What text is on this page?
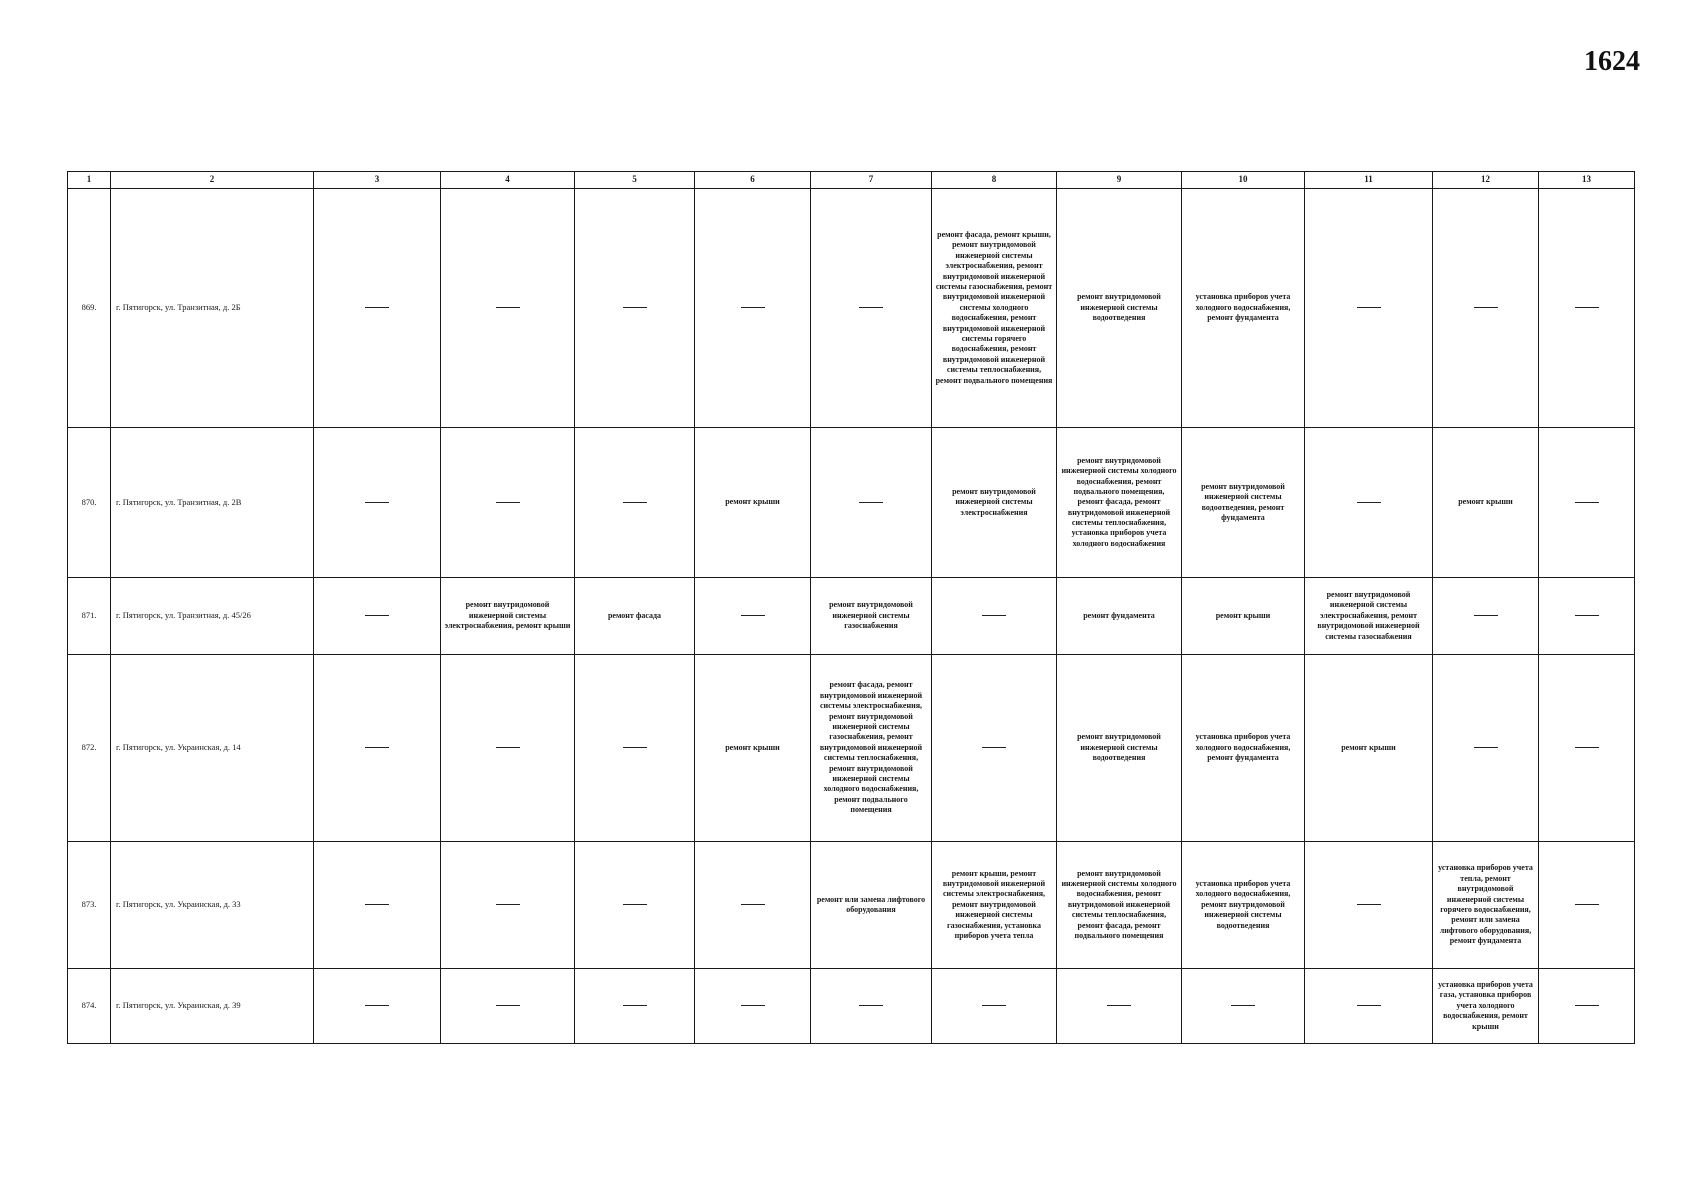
1624
1	2	3	4	5	6	7	8	9	10	11	12	13
869.	г. Пятигорск, ул. Транзитная, д. 2Б						ремонт фасада, ремонт крыши, ремонт внутридомовой инженерной системы электроснабжения, ремонт внутридомовой инженерной системы газоснабжения, ремонт внутридомовой инженерной системы холодного водоснабжения, ремонт внутридомовой инженерной системы горячего водоснабжения, ремонт внутридомовой инженерной системы теплоснабжения, ремонт подвального помещения	ремонт внутридомовой инженерной системы водоотведения	установка приборов учета холодного водоснабжения, ремонт фундамента			
870.	г. Пятигорск, ул. Транзитная, д. 2В				ремонт крыши		ремонт внутридомовой инженерной системы электроснабжения	ремонт внутридомовой инженерной системы холодного водоснабжения, ремонт подвального помещения, ремонт фасада, ремонт внутридомовой инженерной системы теплоснабжения, установка приборов учета холодного водоснабжения	ремонт внутридомовой инженерной системы водоотведения, ремонт фундамента		ремонт крыши	
871.	г. Пятигорск, ул. Транзитная, д. 45/26		ремонт внутридомовой инженерной системы электроснабжения, ремонт крыши	ремонт фасада		ремонт внутридомовой инженерной системы газоснабжения		ремонт фундамента	ремонт крыши	ремонт внутридомовой инженерной системы электроснабжения, ремонт внутридомовой инженерной системы газоснабжения		
872.	г. Пятигорск, ул. Украинская, д. 14				ремонт крыши	ремонт фасада, ремонт внутридомовой инженерной системы электроснабжения, ремонт внутридомовой инженерной системы газоснабжения, ремонт внутридомовой инженерной системы теплоснабжения, ремонт внутридомовой инженерной системы холодного водоснабжения, ремонт подвального помещения		ремонт внутридомовой инженерной системы водоотведения	установка приборов учета холодного водоснабжения, ремонт фундамента	ремонт крыши		
873.	г. Пятигорск, ул. Украинская, д. 33					ремонт или замена лифтового оборудования	ремонт крыши, ремонт внутридомовой инженерной системы электроснабжения, ремонт внутридомовой инженерной системы газоснабжения, установка приборов учета тепла	ремонт внутридомовой инженерной системы холодного водоснабжения, ремонт внутридомовой инженерной системы теплоснабжения, ремонт фасада, ремонт подвального помещения	установка приборов учета холодного водоснабжения, ремонт внутридомовой инженерной системы водоотведения		установка приборов учета тепла, ремонт внутридомовой инженерной системы горячего водоснабжения, ремонт или замена лифтового оборудования, ремонт фундамента	
874.	г. Пятигорск, ул. Украинская, д. 39										установка приборов учета газа, установка приборов учета холодного водоснабжения, ремонт крыши	
